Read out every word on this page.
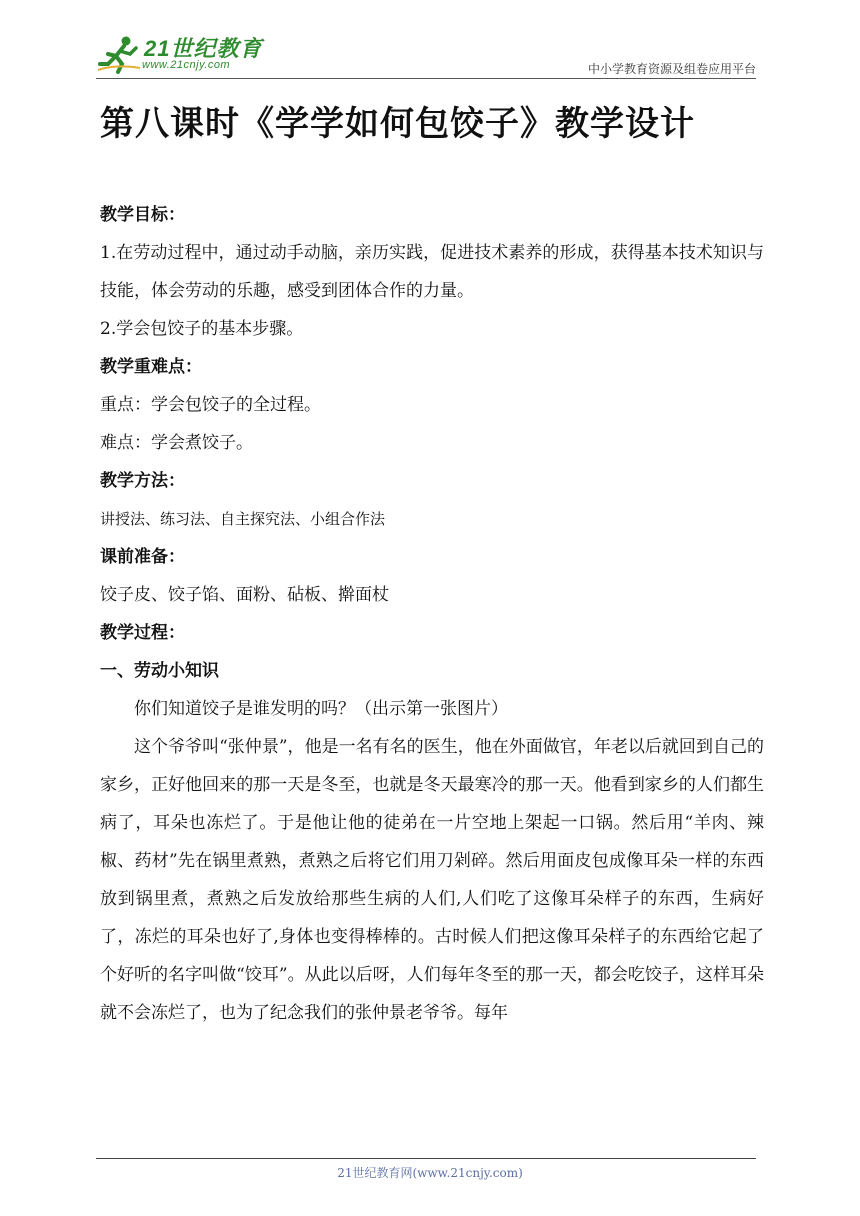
21世纪教育
www.21cnjy.com	中小学教育资源及组卷应用平台
第八课时《学学如何包饺子》教学设计

教学目标：

1.在劳动过程中，通过动手动脑，亲历实践，促进技术素养的形成，获得基本技术知识与技能，体会劳动的乐趣，感受到团体合作的力量。

2.学会包饺子的基本步骤。

教学重难点：

重点：学会包饺子的全过程。

难点：学会煮饺子。

教学方法：

讲授法、练习法、自主探究法、小组合作法

课前准备：

饺子皮、饺子馅、面粉、砧板、擀面杖

教学过程：

一、劳动小知识

你们知道饺子是谁发明的吗？（出示第一张图片）

这个爷爷叫“张仲景”，他是一名有名的医生，他在外面做官，年老以后就回到自己的家乡，正好他回来的那一天是冬至，也就是冬天最寒冷的那一天。他看到家乡的人们都生病了，耳朵也冻烂了。于是他让他的徒弟在一片空地上架起一口锅。然后用“羊肉、辣椒、药材”先在锅里煮熟，煮熟之后将它们用刀剁碎。然后用面皮包成像耳朵一样的东西放到锅里煮，煮熟之后发放给那些生病的人们,人们吃了这像耳朵样子的东西，生病好了，冻烂的耳朵也好了,身体也变得棒棒的。古时候人们把这像耳朵样子的东西给它起了个好听的名字叫做“饺耳”。从此以后呀，人们每年冬至的那一天，都会吃饺子，这样耳朵就不会冻烂了，也为了纪念我们的张仲景老爷爷。每年

21世纪教育网(www.21cnjy.com)
